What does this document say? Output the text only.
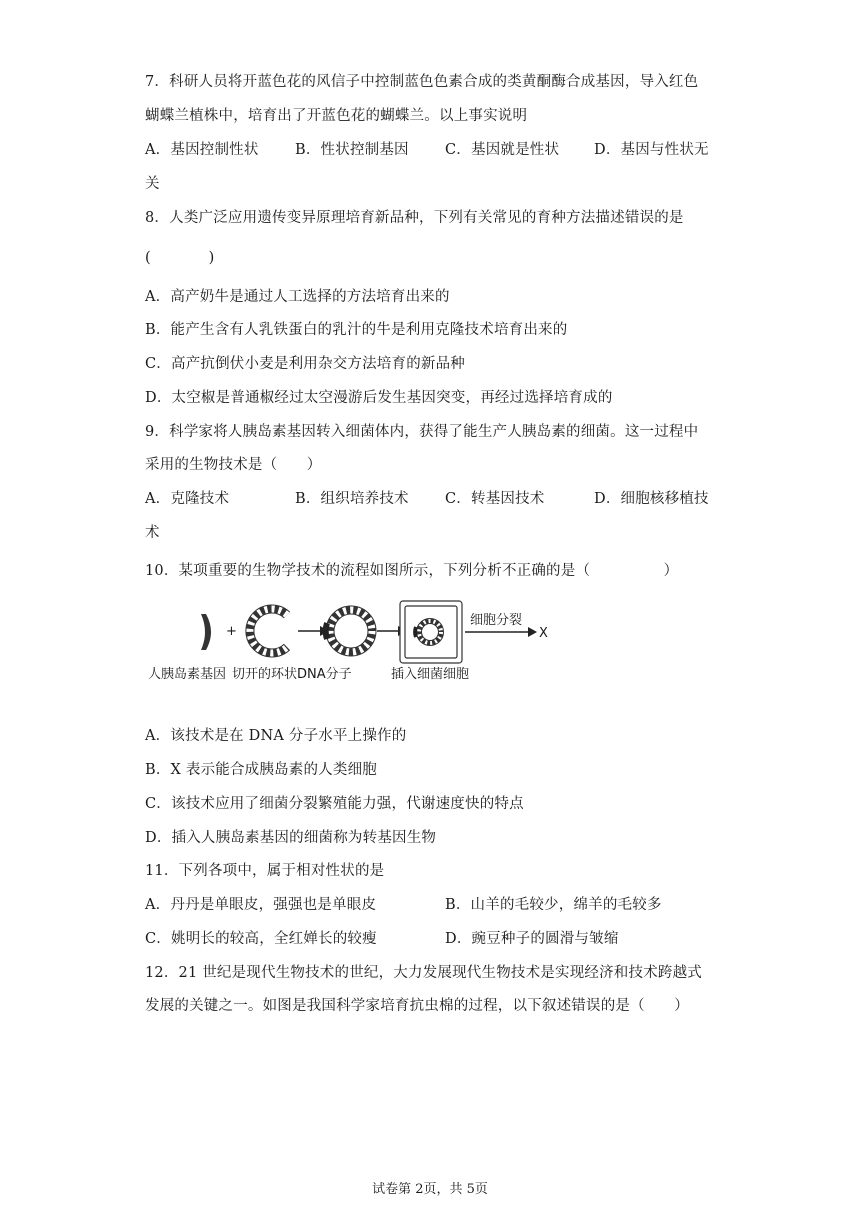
7．科研人员将开蓝色花的风信子中控制蓝色色素合成的类黄酮酶合成基因，导入红色
蝴蝶兰植株中，培育出了开蓝色花的蝴蝶兰。以上事实说明
A．基因控制性状	B．性状控制基因 C．基因就是性状 D．基因与性状无
关
8．人类广泛应用遗传变异原理培育新品种，下列有关常见的育种方法描述错误的是
(            )
A．高产奶牛是通过人工选择的方法培育出来的
B．能产生含有人乳铁蛋白的乳汁的牛是利用克隆技术培育出来的
C．高产抗倒伏小麦是利用杂交方法培育的新品种
D．太空椒是普通椒经过太空漫游后发生基因突变，再经过选择培育成的
9．科学家将人胰岛素基因转入细菌体内，获得了能生产人胰岛素的细菌。这一过程中
采用的生物技术是（　　）
A．克隆技术	B．组织培养技术 C．转基因技术	D．细胞核移植技
术
10．某项重要的生物学技术的流程如图所示，下列分析不正确的是（　　　　　）
+
细胞分裂
X
人胰岛素基因 切开的环状DNA分子	插入细菌细胞
A．该技术是在 DNA 分子水平上操作的
B．X 表示能合成胰岛素的人类细胞
C．该技术应用了细菌分裂繁殖能力强，代谢速度快的特点
D．插入人胰岛素基因的细菌称为转基因生物
11．下列各项中，属于相对性状的是
A．丹丹是单眼皮，强强也是单眼皮	B．山羊的毛较少，绵羊的毛较多
C．姚明长的较高，全红婵长的较瘦	D．豌豆种子的圆滑与皱缩
12．21 世纪是现代生物技术的世纪，大力发展现代生物技术是实现经济和技术跨越式
发展的关键之一。如图是我国科学家培育抗虫棉的过程，以下叙述错误的是（　　）
试卷第 2页，共 5页
